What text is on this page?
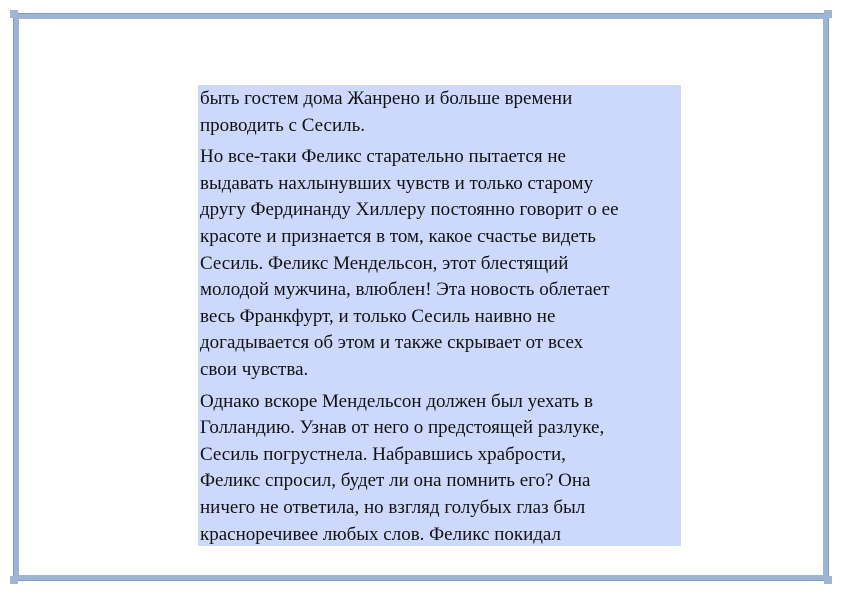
быть гостем дома Жанрено и больше времени
проводить с Сесиль.

Но все-таки Феликс старательно пытается не
выдавать нахлынувших чувств и только старому
другу Фердинанду Хиллеру постоянно говорит о ее
красоте и признается в том, какое счастье видеть
Сесиль. Феликс Мендельсон, этот блестящий
молодой мужчина, влюблен! Эта новость облетает
весь Франкфурт, и только Сесиль наивно не
догадывается об этом и также скрывает от всех
свои чувства.

Однако вскоре Мендельсон должен был уехать в
Голландию. Узнав от него о предстоящей разлуке,
Сесиль погрустнела. Набравшись храбрости,
Феликс спросил, будет ли она помнить его? Она
ничего не ответила, но взгляд голубых глаз был
красноречивее любых слов. Феликс покидал
